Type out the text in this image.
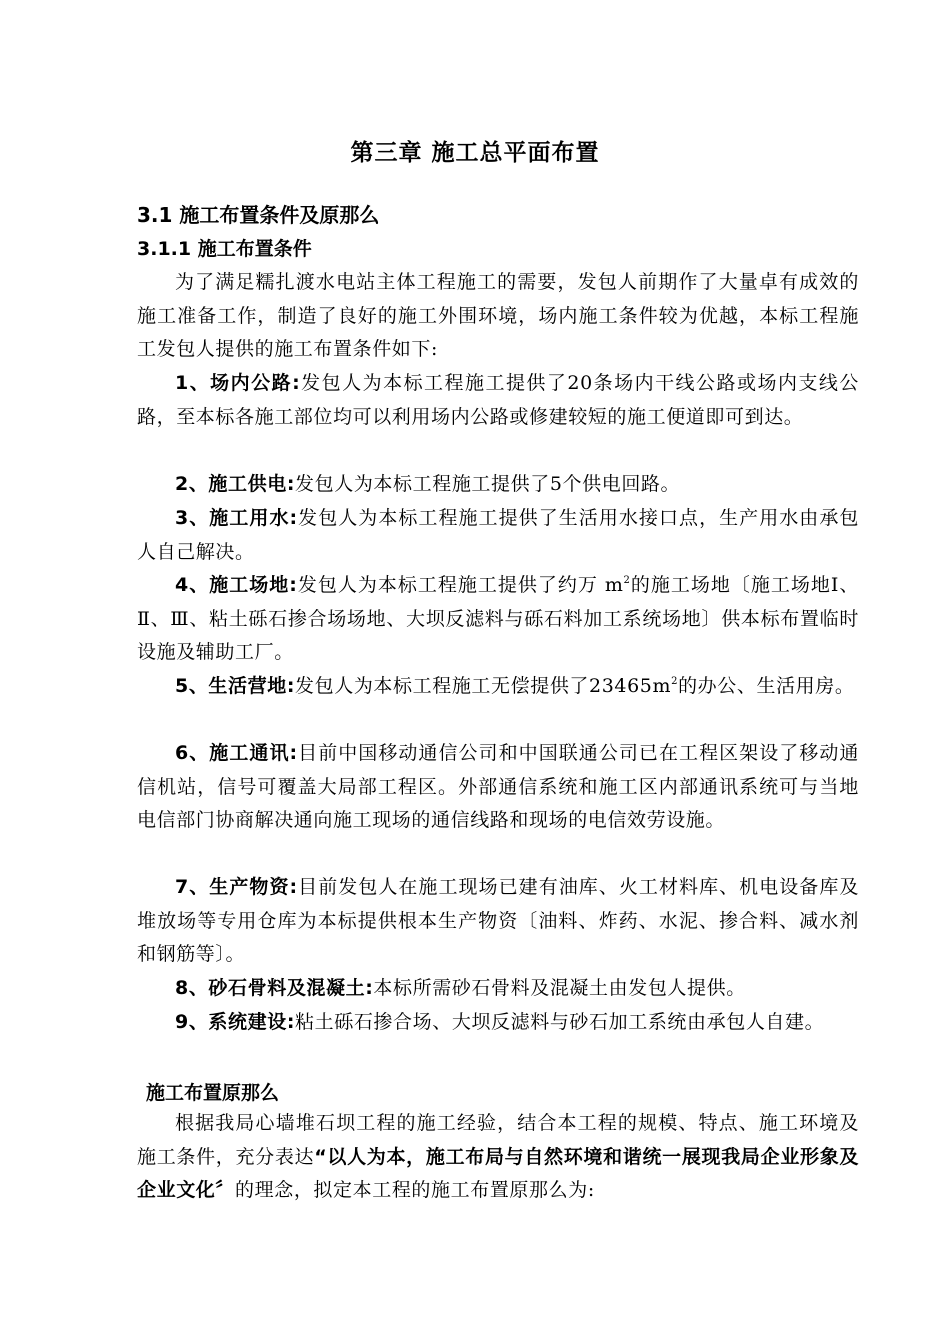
第三章 施工总平面布置
3.1 施工布置条件及原那么
3.1.1 施工布置条件
为了满足糯扎渡水电站主体工程施工的需要，发包人前期作了大量卓有成效的施工准备工作，制造了良好的施工外围环境，场内施工条件较为优越，本标工程施工发包人提供的施工布置条件如下:
1、场内公路:发包人为本标工程施工提供了20条场内干线公路或场内支线公路，至本标各施工部位均可以利用场内公路或修建较短的施工便道即可到达。
2、施工供电:发包人为本标工程施工提供了5个供电回路。
3、施工用水:发包人为本标工程施工提供了生活用水接口点，生产用水由承包人自己解决。
4、施工场地:发包人为本标工程施工提供了约万 $m^2$的施工场地〔施工场地Ⅰ、Ⅱ、Ⅲ、粘土砾石掺合场场地、大坝反滤料与砾石料加工系统场地〕供本标布置临时设施及辅助工厂。
5、生活营地:发包人为本标工程施工无偿提供了$23465m^2$的办公、生活用房。
6、施工通讯:目前中国移动通信公司和中国联通公司已在工程区架设了移动通信机站，信号可覆盖大局部工程区。外部通信系统和施工区内部通讯系统可与当地电信部门协商解决通向施工现场的通信线路和现场的电信效劳设施。
7、生产物资:目前发包人在施工现场已建有油库、火工材料库、机电设备库及堆放场等专用仓库为本标提供根本生产物资〔油料、炸药、水泥、掺合料、减水剂和钢筋等〕。
8、砂石骨料及混凝土:本标所需砂石骨料及混凝土由发包人提供。
9、系统建设:粘土砾石掺合场、大坝反滤料与砂石加工系统由承包人自建。
施工布置原那么
根据我局心墙堆石坝工程的施工经验，结合本工程的规模、特点、施工环境及施工条件，充分表达“以人为本，施工布局与自然环境和谐统一展现我局企业形象及企业文化〞的理念，拟定本工程的施工布置原那么为:
